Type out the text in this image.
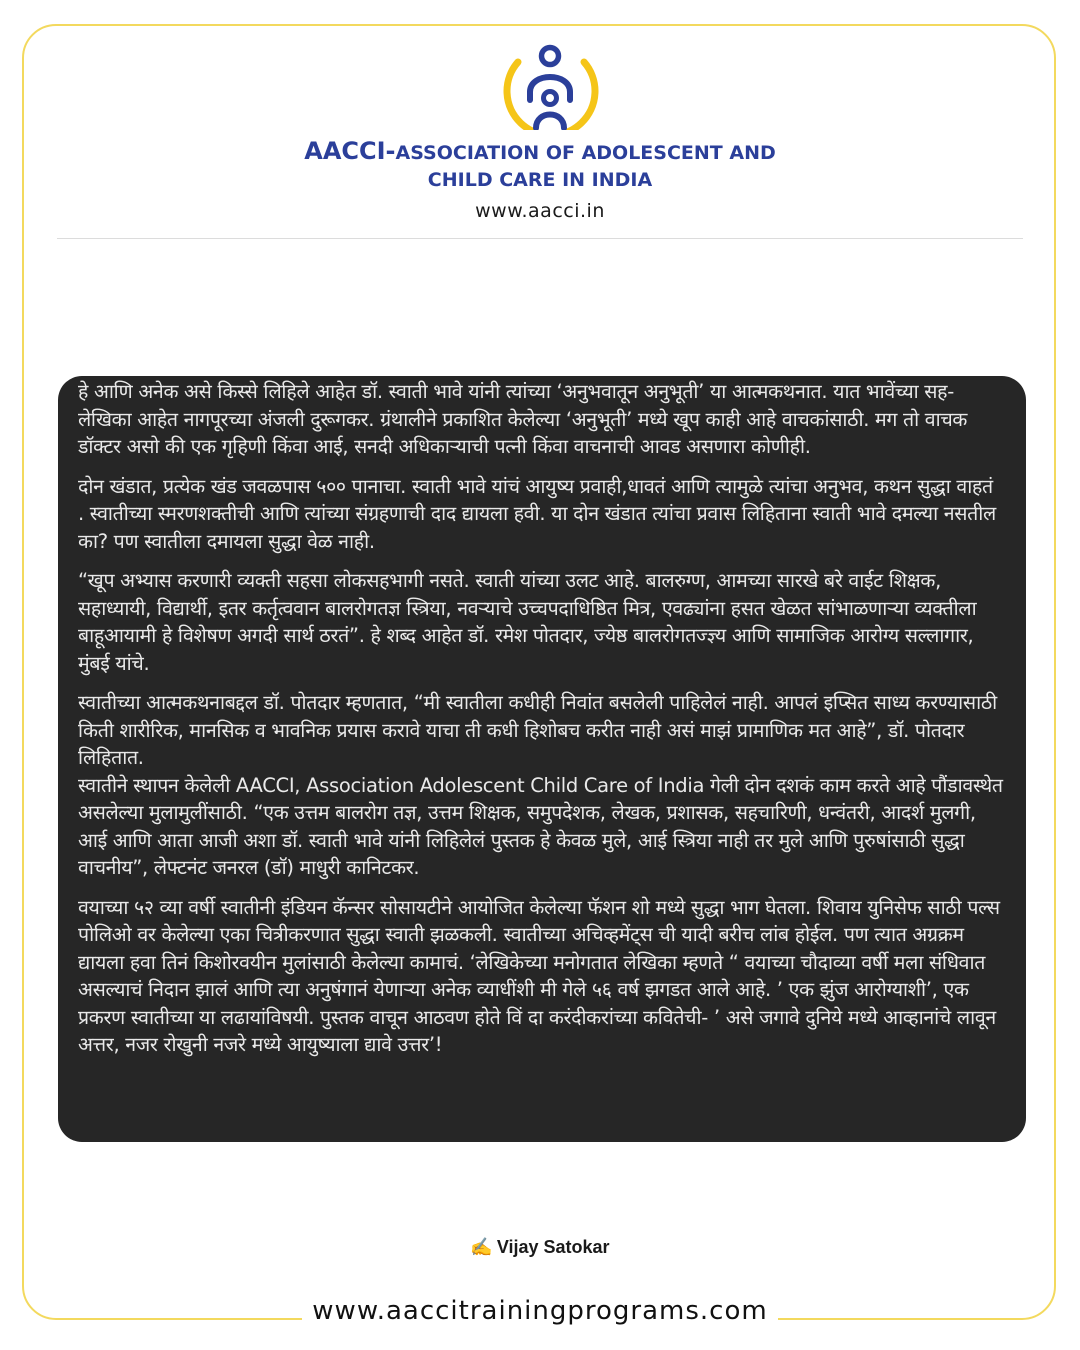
AACCI-ASSOCIATION OF ADOLESCENT AND
CHILD CARE IN INDIA
www.aacci.in

हे आणि अनेक असे किस्से लिहिले आहेत डॉ. स्वाती भावे यांनी त्यांच्या ‘अनुभवातून अनुभूती’ या आत्मकथनात. यात भावेंच्या सह-लेखिका आहेत नागपूरच्या अंजली दुरूगकर. ग्रंथालीने प्रकाशित केलेल्या ‘अनुभूती’ मध्ये खूप काही आहे वाचकांसाठी. मग तो वाचक डॉक्टर असो की एक गृहिणी किंवा आई, सनदी अधिकाऱ्याची पत्नी किंवा वाचनाची आवड असणारा कोणीही.

दोन खंडात, प्रत्येक खंड जवळपास ५०० पानाचा. स्वाती भावे यांचं आयुष्य प्रवाही,धावतं आणि त्यामुळे त्यांचा अनुभव, कथन सुद्धा वाहतं . स्वातीच्या स्मरणशक्तीची आणि त्यांच्या संग्रहणाची दाद द्यायला हवी. या दोन खंडात त्यांचा प्रवास लिहिताना स्वाती भावे दमल्या नसतील का? पण स्वातीला दमायला सुद्धा वेळ नाही.

“खूप अभ्यास करणारी व्यक्ती सहसा लोकसहभागी नसते. स्वाती यांच्या उलट आहे. बालरुग्ण, आमच्या सारखे बरे वाईट शिक्षक, सहाध्यायी, विद्यार्थी, इतर कर्तृत्ववान बालरोगतज्ञ स्त्रिया, नवऱ्याचे उच्चपदाधिष्ठित मित्र, एवढ्यांना हसत खेळत सांभाळणाऱ्या व्यक्तीला बाहूआयामी हे विशेषण अगदी सार्थ ठरतं”. हे शब्द आहेत डॉ. रमेश पोतदार, ज्येष्ठ बालरोगतज्ज्ञ्य आणि सामाजिक आरोग्य सल्लागार, मुंबई यांचे.

स्वातीच्या आत्मकथनाबद्दल डॉ. पोतदार म्हणतात, “मी स्वातीला कधीही निवांत बसलेली पाहिलेलं नाही. आपलं इप्सित साध्य करण्यासाठी किती शारीरिक, मानसिक व भावनिक प्रयास करावे याचा ती कधी हिशोबच करीत नाही असं माझं प्रामाणिक मत आहे”, डॉ. पोतदार लिहितात.

स्वातीने स्थापन केलेली AACCI, Association Adolescent Child Care of India गेली दोन दशकं काम करते आहे पौंडावस्थेत असलेल्या मुलामुलींसाठी. “एक उत्तम बालरोग तज्ञ, उत्तम शिक्षक, समुपदेशक, लेखक, प्रशासक, सहचारिणी, धन्वंतरी, आदर्श मुलगी, आई आणि आता आजी अशा डॉ. स्वाती भावे यांनी लिहिलेलं पुस्तक हे केवळ मुले, आई स्त्रिया नाही तर मुले आणि पुरुषांसाठी सुद्धा वाचनीय”, लेफ्टनंट जनरल (डॉ) माधुरी कानिटकर.

वयाच्या ५२ व्या वर्षी स्वातीनी इंडियन कॅन्सर सोसायटीने आयोजित केलेल्या फॅशन शो मध्ये सुद्धा भाग घेतला. शिवाय युनिसेफ साठी पल्स पोलिओ वर केलेल्या एका चित्रीकरणात सुद्धा स्वाती झळकली. स्वातीच्या अचिव्हमेंट्स ची यादी बरीच लांब होईल. पण त्यात अग्रक्रम द्यायला हवा तिनं किशोरवयीन मुलांसाठी केलेल्या कामाचं. ‘लेखिकेच्या मनोगतात लेखिका म्हणते “ वयाच्या चौदाव्या वर्षी मला संधिवात असल्याचं निदान झालं आणि त्या अनुषंगानं येणाऱ्या अनेक व्याधींशी मी गेले ५६ वर्ष झगडत आले आहे. ’ एक झुंज आरोग्याशी’, एक प्रकरण स्वातीच्या या लढायांविषयी. पुस्तक वाचून आठवण होते विं दा करंदीकरांच्या कवितेची- ’ असे जगावे दुनिये मध्ये आव्हानांचे लावून अत्तर, नजर रोखुनी नजरे मध्ये आयुष्याला द्यावे उत्तर’!

✍ Vijay Satokar
www.aaccitrainingprograms.com
